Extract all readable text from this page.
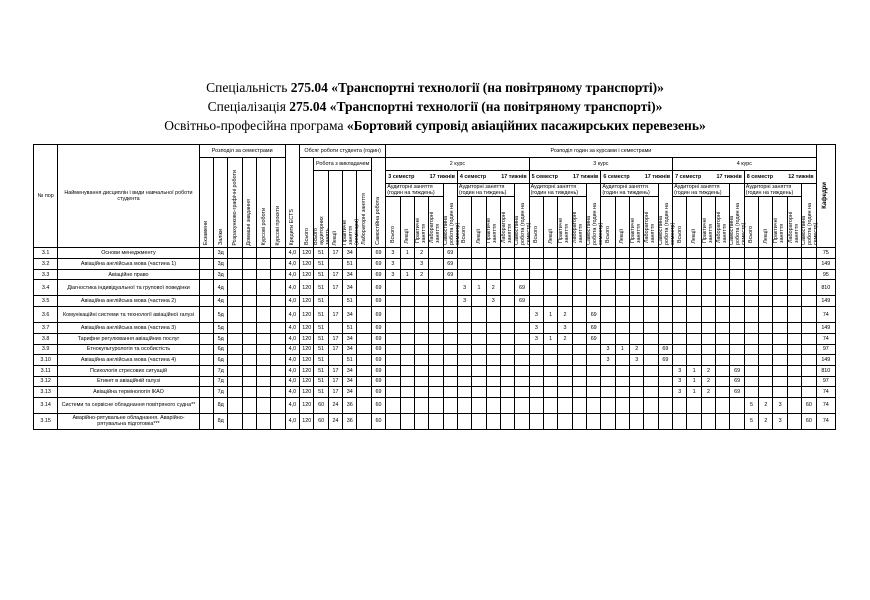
Спеціальність 275.04 «Транспортні технології (на повітряному транспорті)»
Спеціалізація 275.04 «Транспортні технології (на повітряному транспорті)»
Освітньо-професійна програма «Бортовий супровід авіаційних пасажирських перевезень»
№ пор	Найменування дисциплін і види навчальної роботи студента	Розподіл за семестрами						Кредити ECTS	Обсяг роботи студента (годин)						Розподіл годин за курсами і семестрами																														Кафедри
		Екзамени	Заліки	Розрахунково-графічні роботи	Домашні завдання	Курсові роботи	Курсові проєкти		Всього	Робота з викладачем				Самостійна робота	2 курс										3 курс										4 курс										
										Всього аудиторних занять	Лекції	Практичні заняття (семінари)	Лабораторні заняття		3 семестр 17 тижнів					4 семестр 17 тижнів					5 семестр 17 тижнів					6 семестр 17 тижнів					7 семестр 17 тижнів					8 семестр 12 тижнів					

															Аудиторні заняття (годин на тиждень)				Самостійна робота (годин на семестр)	Аудиторні заняття (годин на тиждень)				Самостійна робота (годин на семестр)	Аудиторні заняття (годин на тиждень)				Самостійна робота (годин на семестр)	Аудиторні заняття (годин на тиждень)				Самостійна робота (годин на семестр)	Аудиторні заняття (годин на тиждень)				Самостійна робота (годин на семестр)	Аудиторні заняття (годин на тиждень)				Самостійна робота (годин на семестр)	
															Всього	Лекції	Практичні заняття	Лабораторні заняття		Всього	Лекції	Практичні заняття	Лабораторні заняття		Всього	Лекції	Практичні заняття	Лабораторні заняття		Всього	Лекції	Практичні заняття	Лабораторні заняття		Всього	Лекції	Практичні заняття	Лабораторні заняття		Всього	Лекції	Практичні заняття	Лабораторні заняття		
3.1	Основи менеджменту		3д					4,0	120	51	17	34		69	3	1	2		69																										75
3.2	Авіаційна англійська мова (частина 1)		3д					4,0	120	51		51		69	3		3		69																										149
3.3	Авіаційне право		3д					4,0	120	51	17	34		69	3	1	2		69																										95
3.4	Діагностика індивідуальної та групової поведінки		4д					4,0	120	51	17	34		69						3	1	2		69																					810
3.5	Авіаційна англійська мова (частина 2)		4д					4,0	120	51		51		69						3		3		69																					149
3.6	Комунікаційні системи та технології авіаційної галузі		5д					4,0	120	51	17	34		69											3	1	2		69																74
3.7	Авіаційна англійська мова (частина 3)		5д					4,0	120	51		51		69											3		3		69																149
3.8	Тарифне регулювання авіаційних послуг		5д					4,0	120	51	17	34		69											3	1	2		69																74
3.9	Етнокультурологія та особистість		6д					4,0	120	51	17	34		69																3	1	2		69											97
3.10	Авіаційна англійська мова (частина 4)		6д					4,0	120	51		51		69																3		3		69											149
3.11	Психологія стресових ситуацій		7д					4,0	120	51	17	34		69																					3	1	2		69						810
3.12	Етикет в авіаційній галузі		7д					4,0	120	51	17	34		69																					3	1	2		69						97
3.13	Авіаційна термінологія ІКАО		7д					4,0	120	51	17	34		69																					3	1	2		69						74
3.14	Системи та сервісне обладнання повітряного судна**		8д					4,0	120	60	24	36		60																										5	2	3		60	74
3.15	Аварійно-рятувальне обладнання. Аварійно-рятувальна підготовка***		8д					4,0	120	60	24	36		60																										5	2	3		60	74
